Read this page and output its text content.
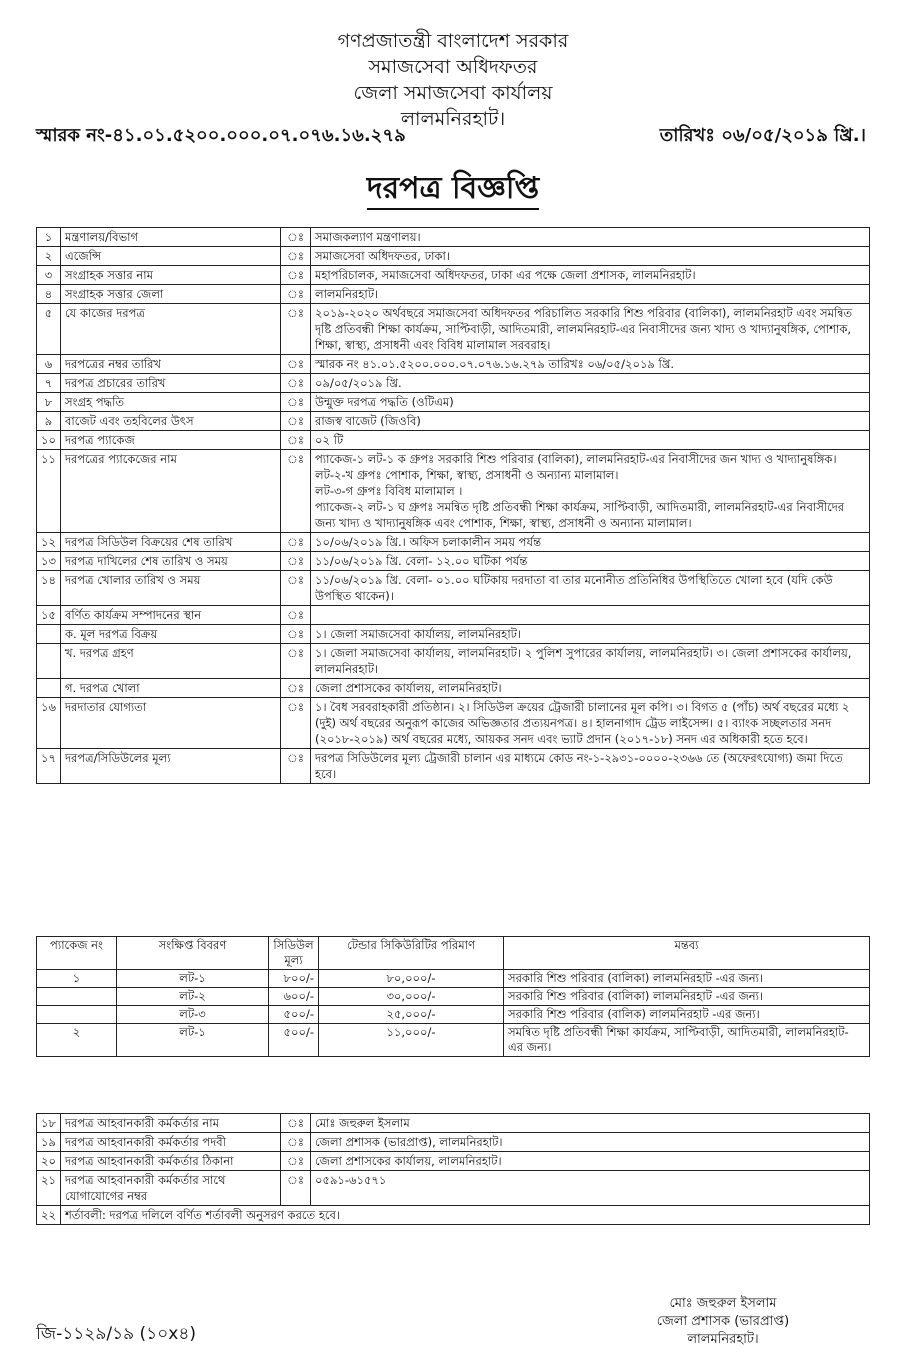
গণপ্রজাতন্ত্রী বাংলাদেশ সরকার
সমাজসেবা অধিদফতর
জেলা সমাজসেবা কার্যালয়
লালমনিরহাট।
স্মারক নং-৪১.০১.৫২০০.০০০.০৭.০৭৬.১৬.২৭৯	তারিখঃ ০৬/০৫/২০১৯ খ্রি.।
দরপত্র বিজ্ঞপ্তি
১	মন্ত্রণালয়/বিভাগ	ঃ	সমাজকল্যাণ মন্ত্রণালয়।
২	এজেন্সি	ঃ	সমাজসেবা অধিদফতর, ঢাকা।
৩	সংগ্রাহক সত্তার নাম	ঃ	মহাপরিচালক, সমাজসেবা অধিদফতর, ঢাকা এর পক্ষে জেলা প্রশাসক, লালমনিরহাট।
৪	সংগ্রাহক সত্তার জেলা	ঃ	লালমনিরহাট।
৫	যে কাজের দরপত্র	ঃ	২০১৯-২০২০ অর্থবছরে সমাজসেবা অধিদফতর পরিচালিত সরকারি শিশু পরিবার (বালিকা), লালমনিরহাট এবং সমন্বিত দৃষ্টি প্রতিবন্ধী শিক্ষা কার্যক্রম, সাপ্টিবাড়ী, আদিতমারী, লালমনিরহাট-এর নিবাসীদের জন্য খাদ্য ও খাদ্যানুষঙ্গিক, পোশাক, শিক্ষা, স্বাস্থ্য, প্রসাধনী এবং বিবিধ মালামাল সরবরাহ।
৬	দরপত্রের নম্বর তারিখ	ঃ	স্মারক নং ৪১.০১.৫২০০.০০০.০৭.০৭৬.১৬.২৭৯ তারিখঃ ০৬/০৫/২০১৯ খ্রি.
৭	দরপত্র প্রচারের তারিখ	ঃ	০৯/০৫/২০১৯ খ্রি.
৮	সংগ্রহ পদ্ধতি	ঃ	উন্মুক্ত দরপত্র পদ্ধতি (ওটিএম)
৯	বাজেট এবং তহবিলের উৎস	ঃ	রাজস্ব বাজেট (জিওবি)
১০	দরপত্র প্যাকেজ	ঃ	০২ টি
১১	দরপত্রের প্যাকেজের নাম	ঃ	প্যাকেজ-১ লট-১ ক গ্রুপঃ সরকারি শিশু পরিবার (বালিকা), লালমনিরহাট-এর নিবাসীদের জন খাদ্য ও খাদ্যানুষঙ্গিক।
লট-২-খ গ্রুপঃ পোশাক, শিক্ষা, স্বাস্থ্য, প্রসাধনী ও অন্যান্য মালামাল।
লট-৩-গ গ্রুপঃ বিবিধ মালামাল ।
প্যাকেজ-২ লট-১ ঘ গ্রুপঃ সমন্বিত দৃষ্টি প্রতিবন্ধী শিক্ষা কার্যক্রম, সাপ্টিবাড়ী, আদিতমারী, লালমনিরহাট-এর নিবাসীদের জন্য খাদ্য ও খাদ্যানুষঙ্গিক এবং পোশাক, শিক্ষা, স্বাস্থ্য, প্রসাধনী ও অন্যান্য মালামাল।
১২	দরপত্র সিডিউল বিক্রয়ের শেষ তারিখ	ঃ	১০/০৬/২০১৯ খ্রি.। অফিস চলাকালীন সময় পর্যন্ত
১৩	দরপত্র দাখিলের শেষ তারিখ ও সময়	ঃ	১১/০৬/২০১৯ খ্রি. বেলা- ১২.০০ ঘটিকা পর্যন্ত
১৪	দরপত্র খোলার তারিখ ও সময়	ঃ	১১/০৬/২০১৯ খ্রি. বেলা- ০১.০০ ঘটিকায় দরদাতা বা তার মনোনীত প্রতিনিধির উপস্থিতিতে খোলা হবে (যদি কেউ উপস্থিত থাকেন)।
১৫	বর্ণিত কার্যক্রম সম্পাদনের স্থান	ঃ	
	ক. মূল দরপত্র বিক্রয়	ঃ	১। জেলা সমাজসেবা কার্যালয়, লালমনিরহাট।
	খ. দরপত্র গ্রহণ	ঃ	১। জেলা সমাজসেবা কার্যালয়, লালমনিরহাট। ২ পুলিশ সুপারের কার্যালয়, লালমনিরহাট। ৩। জেলা প্রশাসকের কার্যালয়, লালমনিরহাট।
	গ. দরপত্র খোলা	ঃ	জেলা প্রশাসকের কার্যালয়, লালমনিরহাট।
১৬	দরদাতার যোগ্যতা	ঃ	১। বৈধ সরবরাহকারী প্রতিষ্ঠান। ২। সিডিউল ক্রয়ের ট্রেজারী চালানের মূল কপি। ৩। বিগত ৫ (পাঁচ) অর্থ বছরের মধ্যে ২ (দুই) অর্থ বছরের অনুরূপ কাজের অভিজ্ঞতার প্রত্যয়নপত্র। ৪। হালনাগাদ ট্রেড লাইসেন্স। ৫। ব্যাংক সচ্ছলতার সনদ (২০১৮-২০১৯) অর্থ বছরের মধ্যে, আয়কর সনদ এবং ভ্যাট প্রদান (২০১৭-১৮) সনদ এর অধিকারী হতে হবে।
১৭	দরপত্র/সিডিউলের মূল্য	ঃ	দরপত্র সিডিউলের মূল্য ট্রেজারী চালান এর মাধ্যমে কোড নং-১-২৯৩১-০০০০-২৩৬৬ তে (অফেরৎযোগ্য) জমা দিতে হবে।
প্যাকেজ নং	সংক্ষিপ্ত বিবরণ	সিডিউল মূল্য	টেন্ডার সিকিউরিটির পরিমাণ	মন্তব্য
১	লট-১	৮০০/-	৮০,০০০/-	সরকারি শিশু পরিবার (বালিকা) লালমনিরহাট -এর জন্য।
	লট-২	৬০০/-	৩০,০০০/-	সরকারি শিশু পরিবার (বালিকা) লালমনিরহাট -এর জন্য।
	লট-৩	৫০০/-	২৫,০০০/-	সরকারি শিশু পরিবার (বালিক) লালমনিরহাট -এর জন্য।
২	লট-১	৫০০/-	১১,০০০/-	সমন্বিত দৃষ্টি প্রতিবন্ধী শিক্ষা কার্যক্রম, সাপ্টিবাড়ী, আদিতমারী, লালমনিরহাট- এর জন্য।
১৮	দরপত্র আহবানকারী কর্মকর্তার নাম	ঃ	মোঃ জহুরুল ইসলাম
১৯	দরপত্র আহবানকারী কর্মকর্তার পদবী	ঃ	জেলা প্রশাসক (ভারপ্রাপ্ত), লালমনিরহাট।
২০	দরপত্র আহবানকারী কর্মকর্তার ঠিকানা	ঃ	জেলা প্রশাসকের কার্যালয়, লালমনিরহাট।
২১	দরপত্র আহবানকারী কর্মকর্তার সাথে যোগাযোগের নম্বর	ঃ	০৫৯১-৬১৫৭১
২২	শর্তাবলী: দরপত্র দলিলে বর্ণিত শর্তাবলী অনুসরণ করতে হবে।		
মোঃ জহুরুল ইসলাম
জেলা প্রশাসক (ভারপ্রাপ্ত)
লালমনিরহাট।
জি-১১২৯/১৯ (১০x৪)
